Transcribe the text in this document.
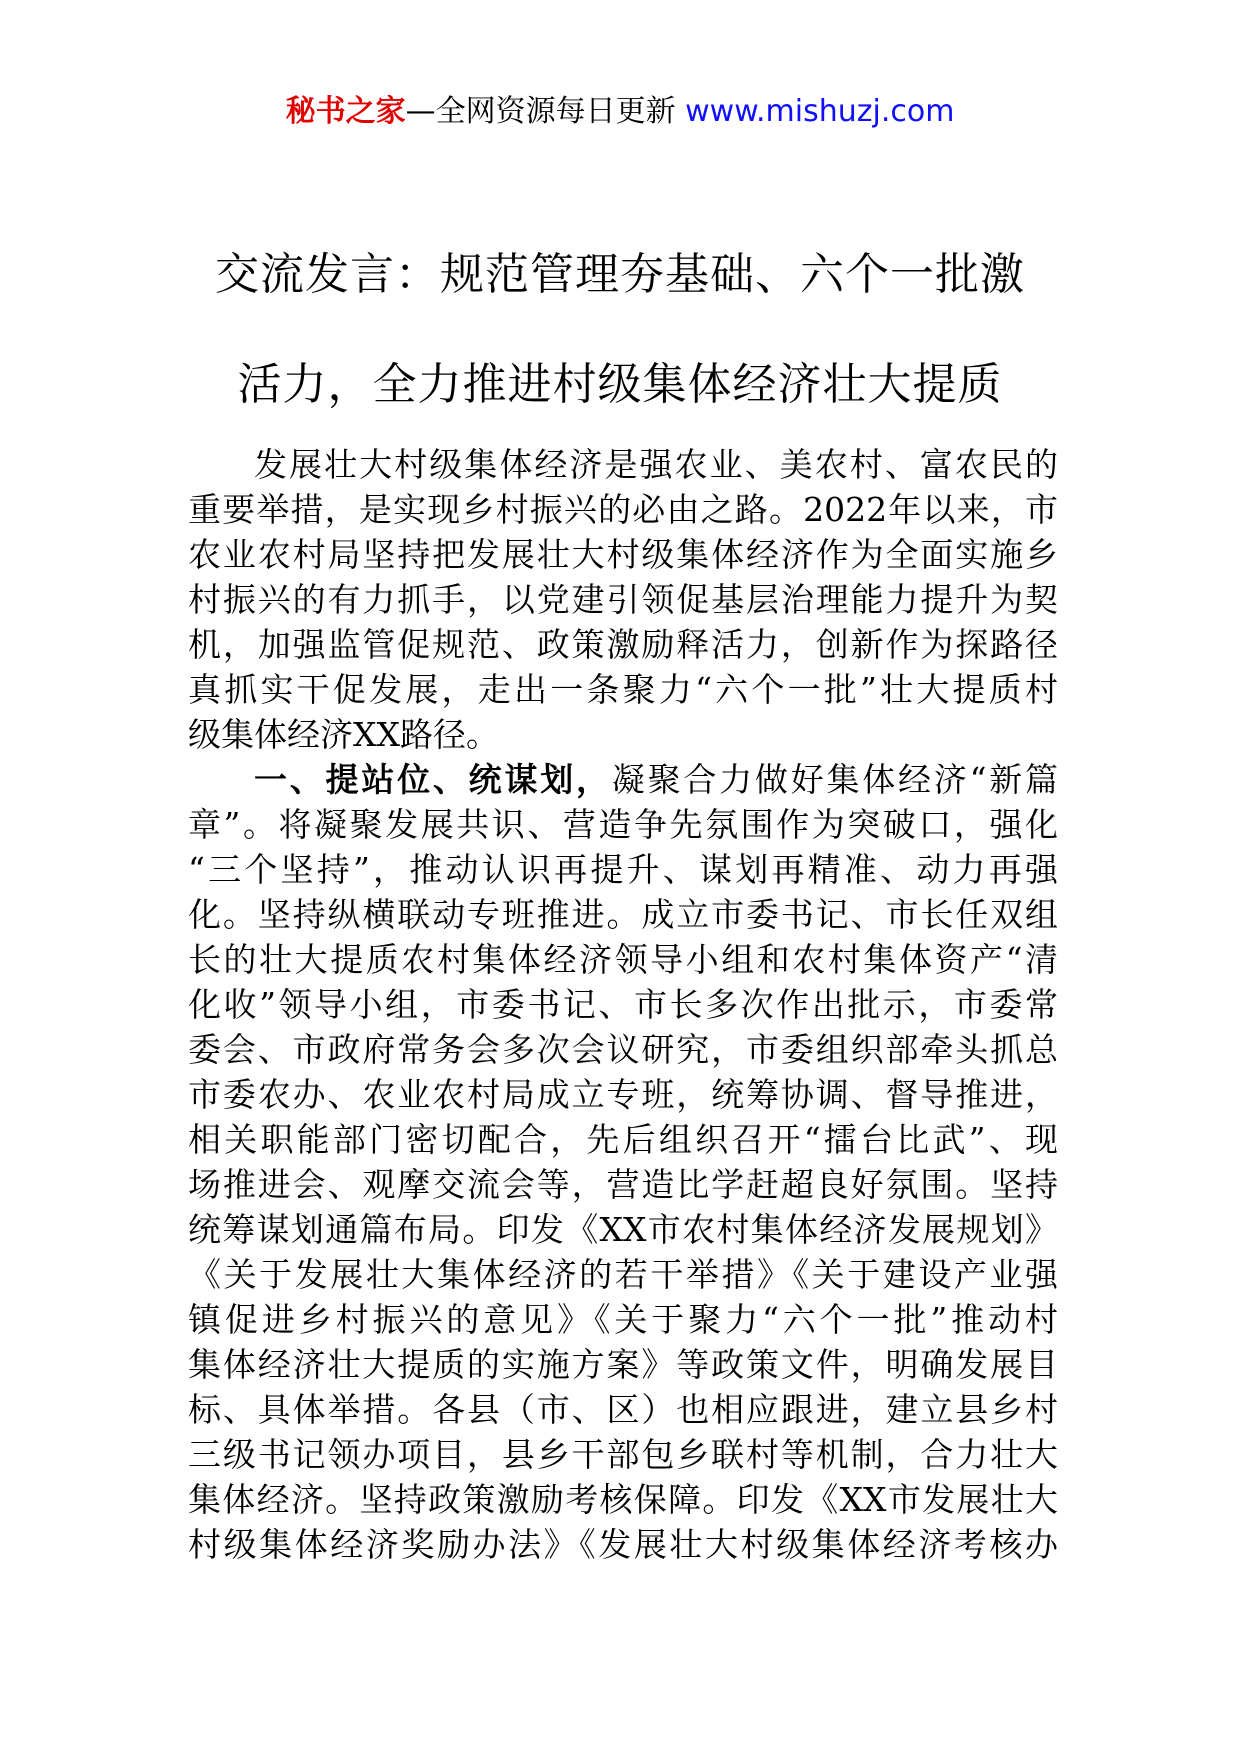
秘书之家—全网资源每日更新 www.mishuzj.com
交流发言：规范管理夯基础、六个一批激
活力，全力推进村级集体经济壮大提质
发展壮大村级集体经济是强农业、美农村、富农民的
重要举措，是实现乡村振兴的必由之路。2022年以来，市
农业农村局坚持把发展壮大村级集体经济作为全面实施乡
村振兴的有力抓手，以党建引领促基层治理能力提升为契
机，加强监管促规范、政策激励释活力，创新作为探路径
真抓实干促发展，走出一条聚力“六个一批”壮大提质村
级集体经济XX路径。
一、提站位、统谋划，凝聚合力做好集体经济“新篇
章”。将凝聚发展共识、营造争先氛围作为突破口，强化
“三个坚持”，推动认识再提升、谋划再精准、动力再强
化。坚持纵横联动专班推进。成立市委书记、市长任双组
长的壮大提质农村集体经济领导小组和农村集体资产“清
化收”领导小组，市委书记、市长多次作出批示，市委常
委会、市政府常务会多次会议研究，市委组织部牵头抓总
市委农办、农业农村局成立专班，统筹协调、督导推进，
相关职能部门密切配合，先后组织召开“擂台比武”、现
场推进会、观摩交流会等，营造比学赶超良好氛围。坚持
统筹谋划通篇布局。印发《XX市农村集体经济发展规划》
《关于发展壮大集体经济的若干举措》《关于建设产业强
镇促进乡村振兴的意见》《关于聚力“六个一批”推动村
集体经济壮大提质的实施方案》等政策文件，明确发展目
标、具体举措。各县（市、区）也相应跟进，建立县乡村
三级书记领办项目，县乡干部包乡联村等机制，合力壮大
集体经济。坚持政策激励考核保障。印发《XX市发展壮大
村级集体经济奖励办法》《发展壮大村级集体经济考核办
